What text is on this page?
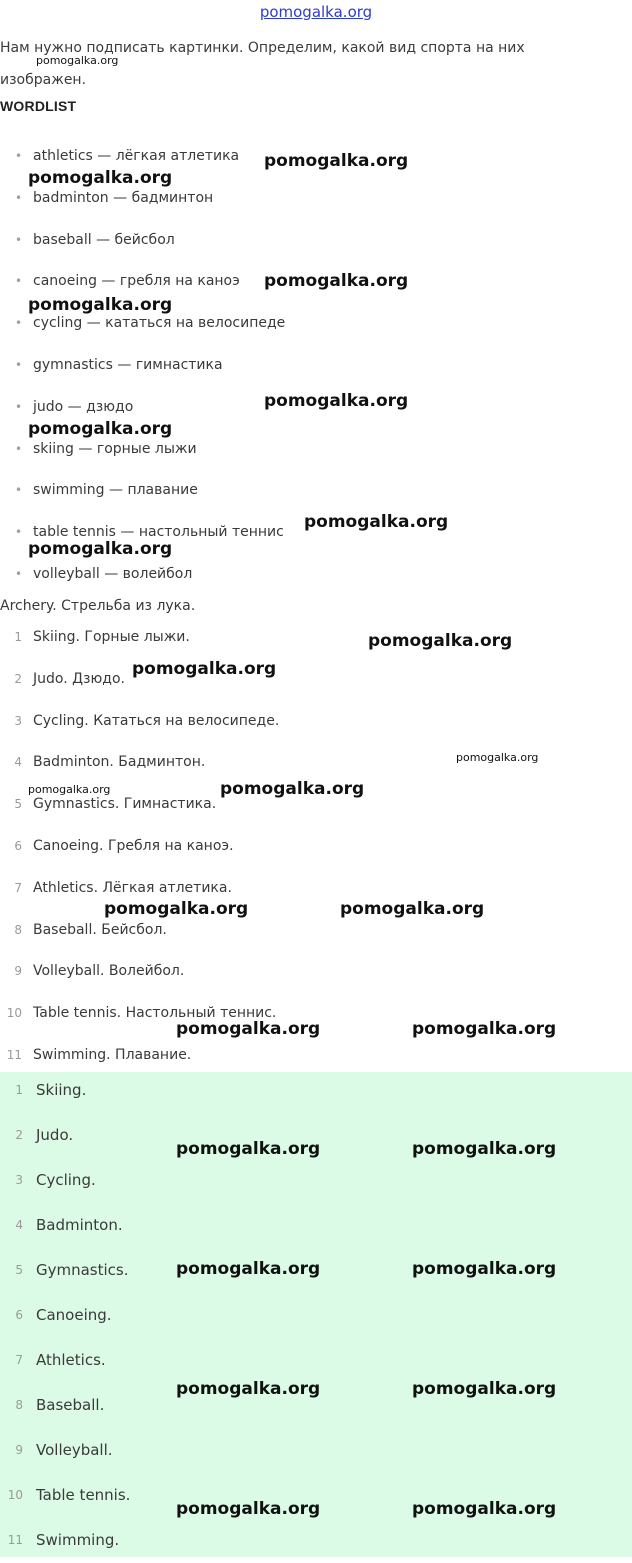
pomogalka.org
Нам нужно подписать картинки. Определим, какой вид спорта на них изображен.
WORDLIST
• athletics — лёгкая атлетика
• badminton — бадминтон
• baseball — бейсбол
• canoeing — гребля на каноэ
• cycling — кататься на велосипеде
• gymnastics — гимнастика
• judo — дзюдо
• skiing — горные лыжи
• swimming — плавание
• table tennis — настольный теннис
• volleyball — волейбол
Archery. Стрельба из лука.
1 Skiing. Горные лыжи.
2 Judo. Дзюдо.
3 Cycling. Кататься на велосипеде.
4 Badminton. Бадминтон.
5 Gymnastics. Гимнастика.
6 Canoeing. Гребля на каноэ.
7 Athletics. Лёгкая атлетика.
8 Baseball. Бейсбол.
9 Volleyball. Волейбол.
10 Table tennis. Настольный теннис.
11 Swimming. Плавание.
1 Skiing.
2 Judo.
3 Cycling.
4 Badminton.
5 Gymnastics.
6 Canoeing.
7 Athletics.
8 Baseball.
9 Volleyball.
10 Table tennis.
11 Swimming.
pomogalka.org
pomogalka.org
pomogalka.org
pomogalka.org
pomogalka.org
pomogalka.org
pomogalka.org
pomogalka.org
pomogalka.org
pomogalka.org
pomogalka.org
pomogalka.org
pomogalka.org	pomogalka.org
pomogalka.org	pomogalka.org
pomogalka.org	pomogalka.org
pomogalka.org	pomogalka.org
pomogalka.org	pomogalka.org
pomogalka.org	pomogalka.org
pomogalka.org	pomogalka.org
